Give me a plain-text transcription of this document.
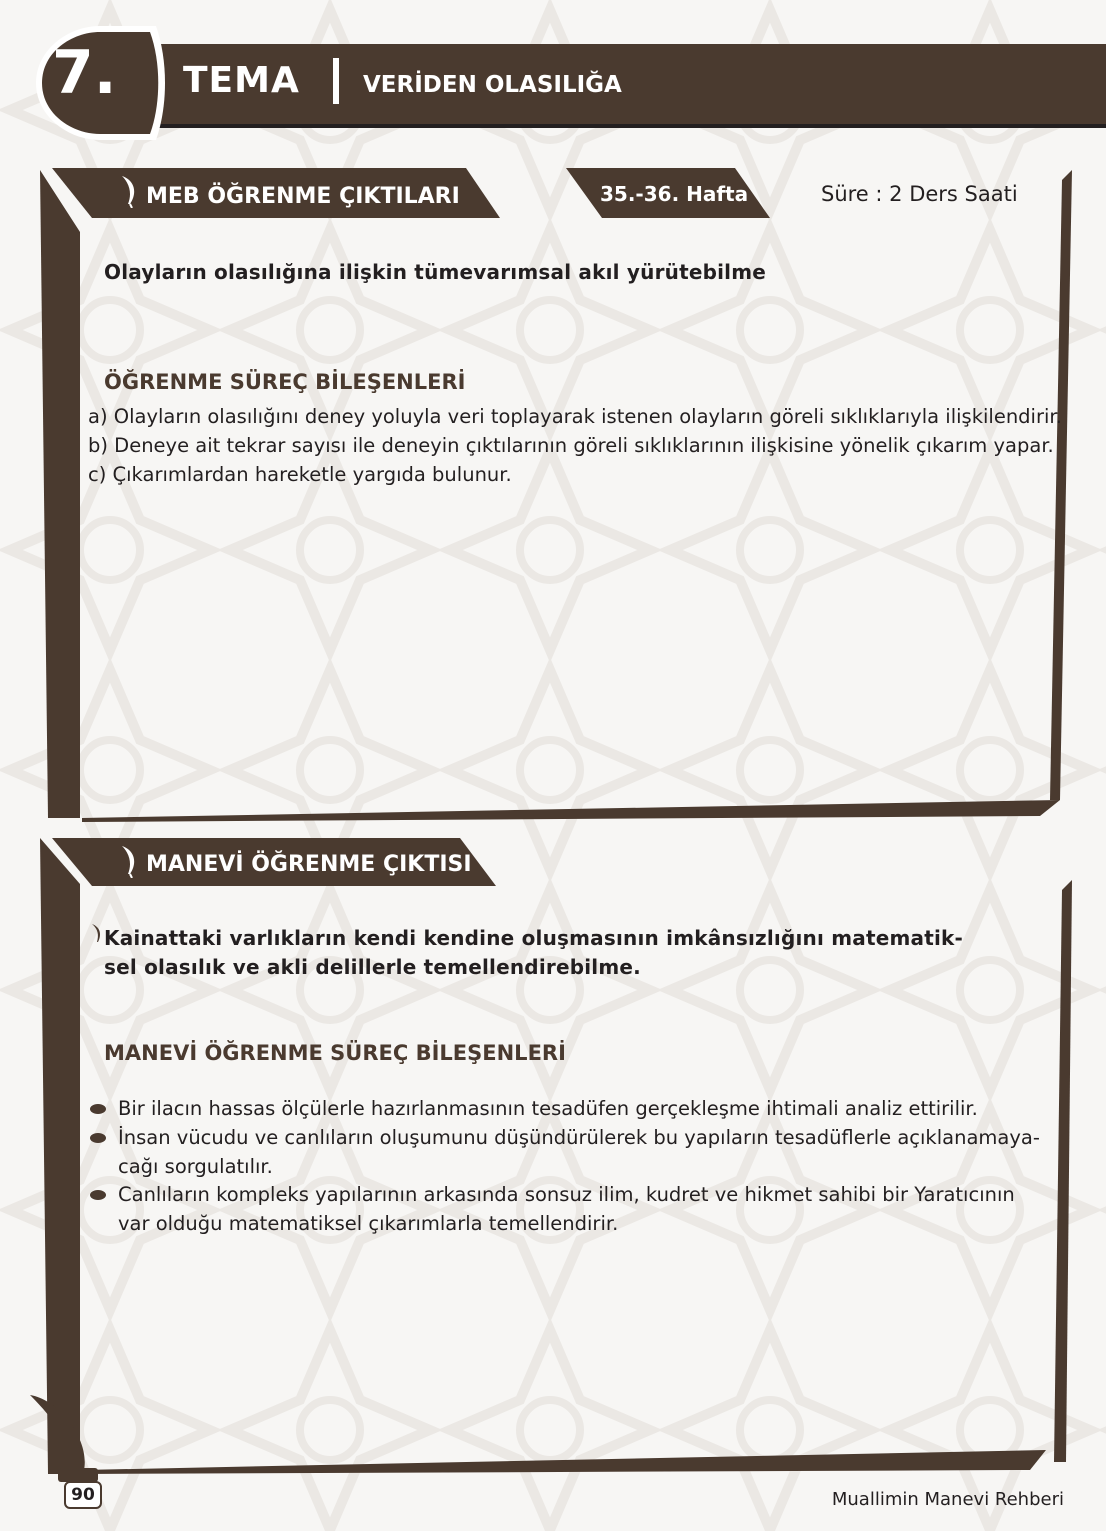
7. TEMA	VERİDEN OLASILIĞA
MEB ÖĞRENME ÇIKTILARI	35.-36. Hafta	Süre : 2 Ders Saati
Olayların olasılığına ilişkin tümevarımsal akıl yürütebilme
ÖĞRENME SÜREÇ BİLEŞENLERİ
a) Olayların olasılığını deney yoluyla veri toplayarak istenen olayların göreli sıklıklarıyla ilişkilendirir.
b) Deneye ait tekrar sayısı ile deneyin çıktılarının göreli sıklıklarının ilişkisine yönelik çıkarım yapar.
c) Çıkarımlardan hareketle yargıda bulunur.
MANEVİ ÖĞRENME ÇIKTISI
Kainattaki varlıkların kendi kendine oluşmasının imkânsızlığını matematik-
sel olasılık ve akli delillerle temellendirebilme.
MANEVİ ÖĞRENME SÜREÇ BİLEŞENLERİ
Bir ilacın hassas ölçülerle hazırlanmasının tesadüfen gerçekleşme ihtimali analiz ettirilir.
İnsan vücudu ve canlıların oluşumunu düşündürülerek bu yapıların tesadüflerle açıklanamaya-
cağı sorgulatılır.
Canlıların kompleks yapılarının arkasında sonsuz ilim, kudret ve hikmet sahibi bir Yaratıcının
var olduğu matematiksel çıkarımlarla temellendirir.
90	Muallimin Manevi Rehberi
